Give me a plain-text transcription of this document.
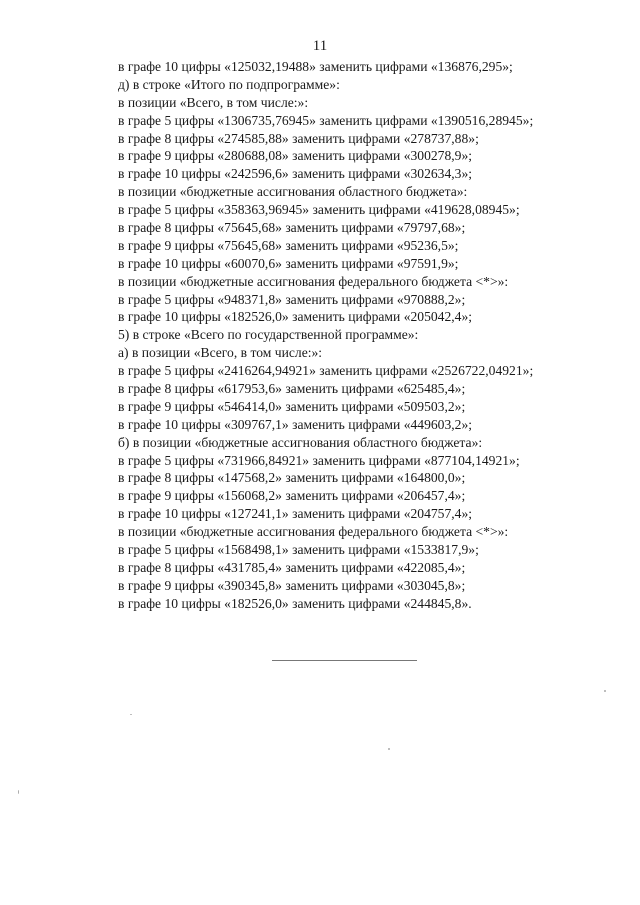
11
в графе 10 цифры «125032,19488» заменить цифрами «136876,295»;
д) в строке «Итого по подпрограмме»:
в позиции «Всего, в том числе:»:
в графе 5 цифры «1306735,76945» заменить цифрами «1390516,28945»;
в графе 8 цифры «274585,88» заменить цифрами «278737,88»;
в графе 9 цифры «280688,08» заменить цифрами «300278,9»;
в графе 10 цифры «242596,6» заменить цифрами «302634,3»;
в позиции «бюджетные ассигнования областного бюджета»:
в графе 5 цифры «358363,96945» заменить цифрами «419628,08945»;
в графе 8 цифры «75645,68» заменить цифрами «79797,68»;
в графе 9 цифры «75645,68» заменить цифрами «95236,5»;
в графе 10 цифры «60070,6» заменить цифрами «97591,9»;
в позиции «бюджетные ассигнования федерального бюджета <*>»:
в графе 5 цифры «948371,8» заменить цифрами «970888,2»;
в графе 10 цифры «182526,0» заменить цифрами «205042,4»;
5) в строке «Всего по государственной программе»:
а) в позиции «Всего, в том числе:»:
в графе 5 цифры «2416264,94921» заменить цифрами «2526722,04921»;
в графе 8 цифры «617953,6» заменить цифрами «625485,4»;
в графе 9 цифры «546414,0» заменить цифрами «509503,2»;
в графе 10 цифры «309767,1» заменить цифрами «449603,2»;
б) в позиции «бюджетные ассигнования областного бюджета»:
в графе 5 цифры «731966,84921» заменить цифрами «877104,14921»;
в графе 8 цифры «147568,2» заменить цифрами «164800,0»;
в графе 9 цифры «156068,2» заменить цифрами «206457,4»;
в графе 10 цифры «127241,1» заменить цифрами «204757,4»;
в позиции «бюджетные ассигнования федерального бюджета <*>»:
в графе 5 цифры «1568498,1» заменить цифрами «1533817,9»;
в графе 8 цифры «431785,4» заменить цифрами «422085,4»;
в графе 9 цифры «390345,8» заменить цифрами «303045,8»;
в графе 10 цифры «182526,0» заменить цифрами «244845,8».
